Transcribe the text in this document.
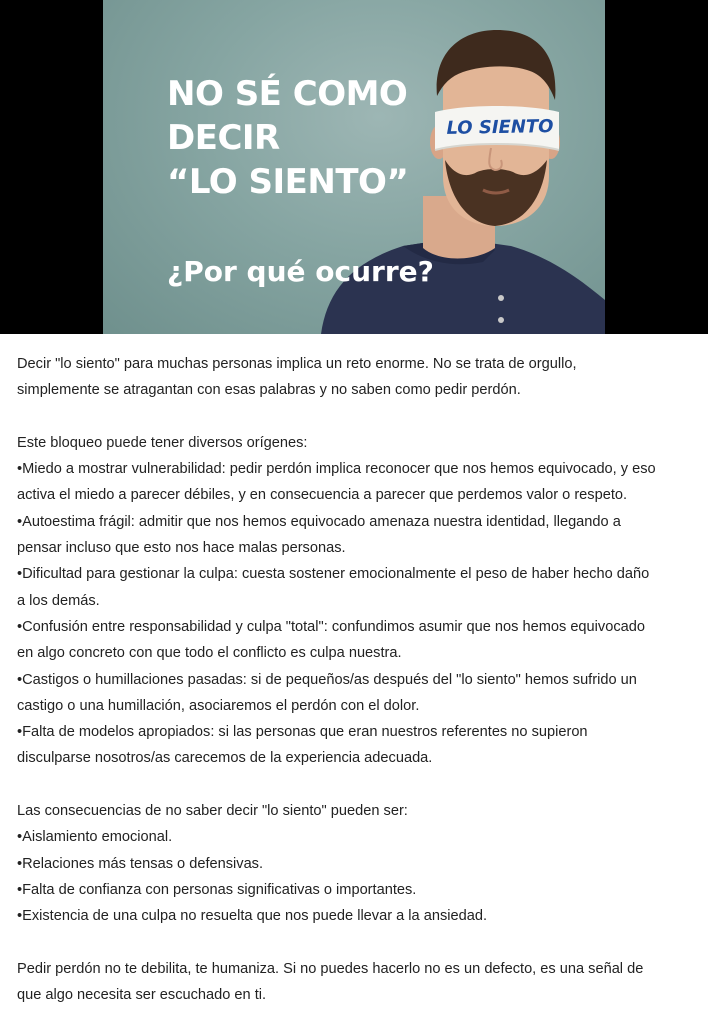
NO SÉ COMO
DECIR
“LO SIENTO”
LO SIENTO
¿Por qué ocurre?

Decir "lo siento" para muchas personas implica un reto enorme. No se trata de orgullo,

simplemente se atragantan con esas palabras y no saben como pedir perdón.

Este bloqueo puede tener diversos orígenes:

•Miedo a mostrar vulnerabilidad: pedir perdón implica reconocer que nos hemos equivocado, y eso

activa el miedo a parecer débiles, y en consecuencia a parecer que perdemos valor o respeto.

•Autoestima frágil: admitir que nos hemos equivocado amenaza nuestra identidad, llegando a

pensar incluso que esto nos hace malas personas.

•Dificultad para gestionar la culpa: cuesta sostener emocionalmente el peso de haber hecho daño

a los demás.

•Confusión entre responsabilidad y culpa "total": confundimos asumir que nos hemos equivocado

en algo concreto con que todo el conflicto es culpa nuestra.

•Castigos o humillaciones pasadas: si de pequeños/as después del "lo siento" hemos sufrido un

castigo o una humillación, asociaremos el perdón con el dolor.

•Falta de modelos apropiados: si las personas que eran nuestros referentes no supieron

disculparse nosotros/as carecemos de la experiencia adecuada.

Las consecuencias de no saber decir "lo siento" pueden ser:

•Aislamiento emocional.

•Relaciones más tensas o defensivas.

•Falta de confianza con personas significativas o importantes.

•Existencia de una culpa no resuelta que nos puede llevar a la ansiedad.

Pedir perdón no te debilita, te humaniza. Si no puedes hacerlo no es un defecto, es una señal de

que algo necesita ser escuchado en ti.
